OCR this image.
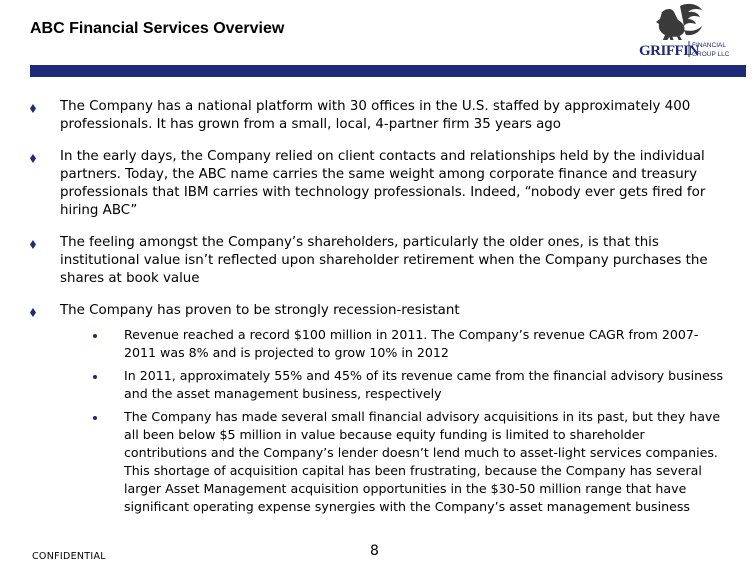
ABC Financial Services Overview
GRIFFIN
FINANCIAL
GROUP LLC
The Company has a national platform with 30 offices in the U.S. staffed by approximately 400 professionals. It has grown from a small, local, 4-partner firm 35 years ago
In the early days, the Company relied on client contacts and relationships held by the individual partners. Today, the ABC name carries the same weight among corporate finance and treasury professionals that IBM carries with technology professionals. Indeed, “nobody ever gets fired for hiring ABC”
The feeling amongst the Company’s shareholders, particularly the older ones, is that this institutional value isn’t reflected upon shareholder retirement when the Company purchases the shares at book value
The Company has proven to be strongly recession-resistant
Revenue reached a record $100 million in 2011. The Company’s revenue CAGR from 2007-2011 was 8% and is projected to grow 10% in 2012
In 2011, approximately 55% and 45% of its revenue came from the financial advisory business and the asset management business, respectively
The Company has made several small financial advisory acquisitions in its past, but they have all been below $5 million in value because equity funding is limited to shareholder contributions and the Company’s lender doesn’t lend much to asset-light services companies. This shortage of acquisition capital has been frustrating, because the Company has several larger Asset Management acquisition opportunities in the $30-50 million range that have significant operating expense synergies with the Company’s asset management business
CONFIDENTIAL	8
